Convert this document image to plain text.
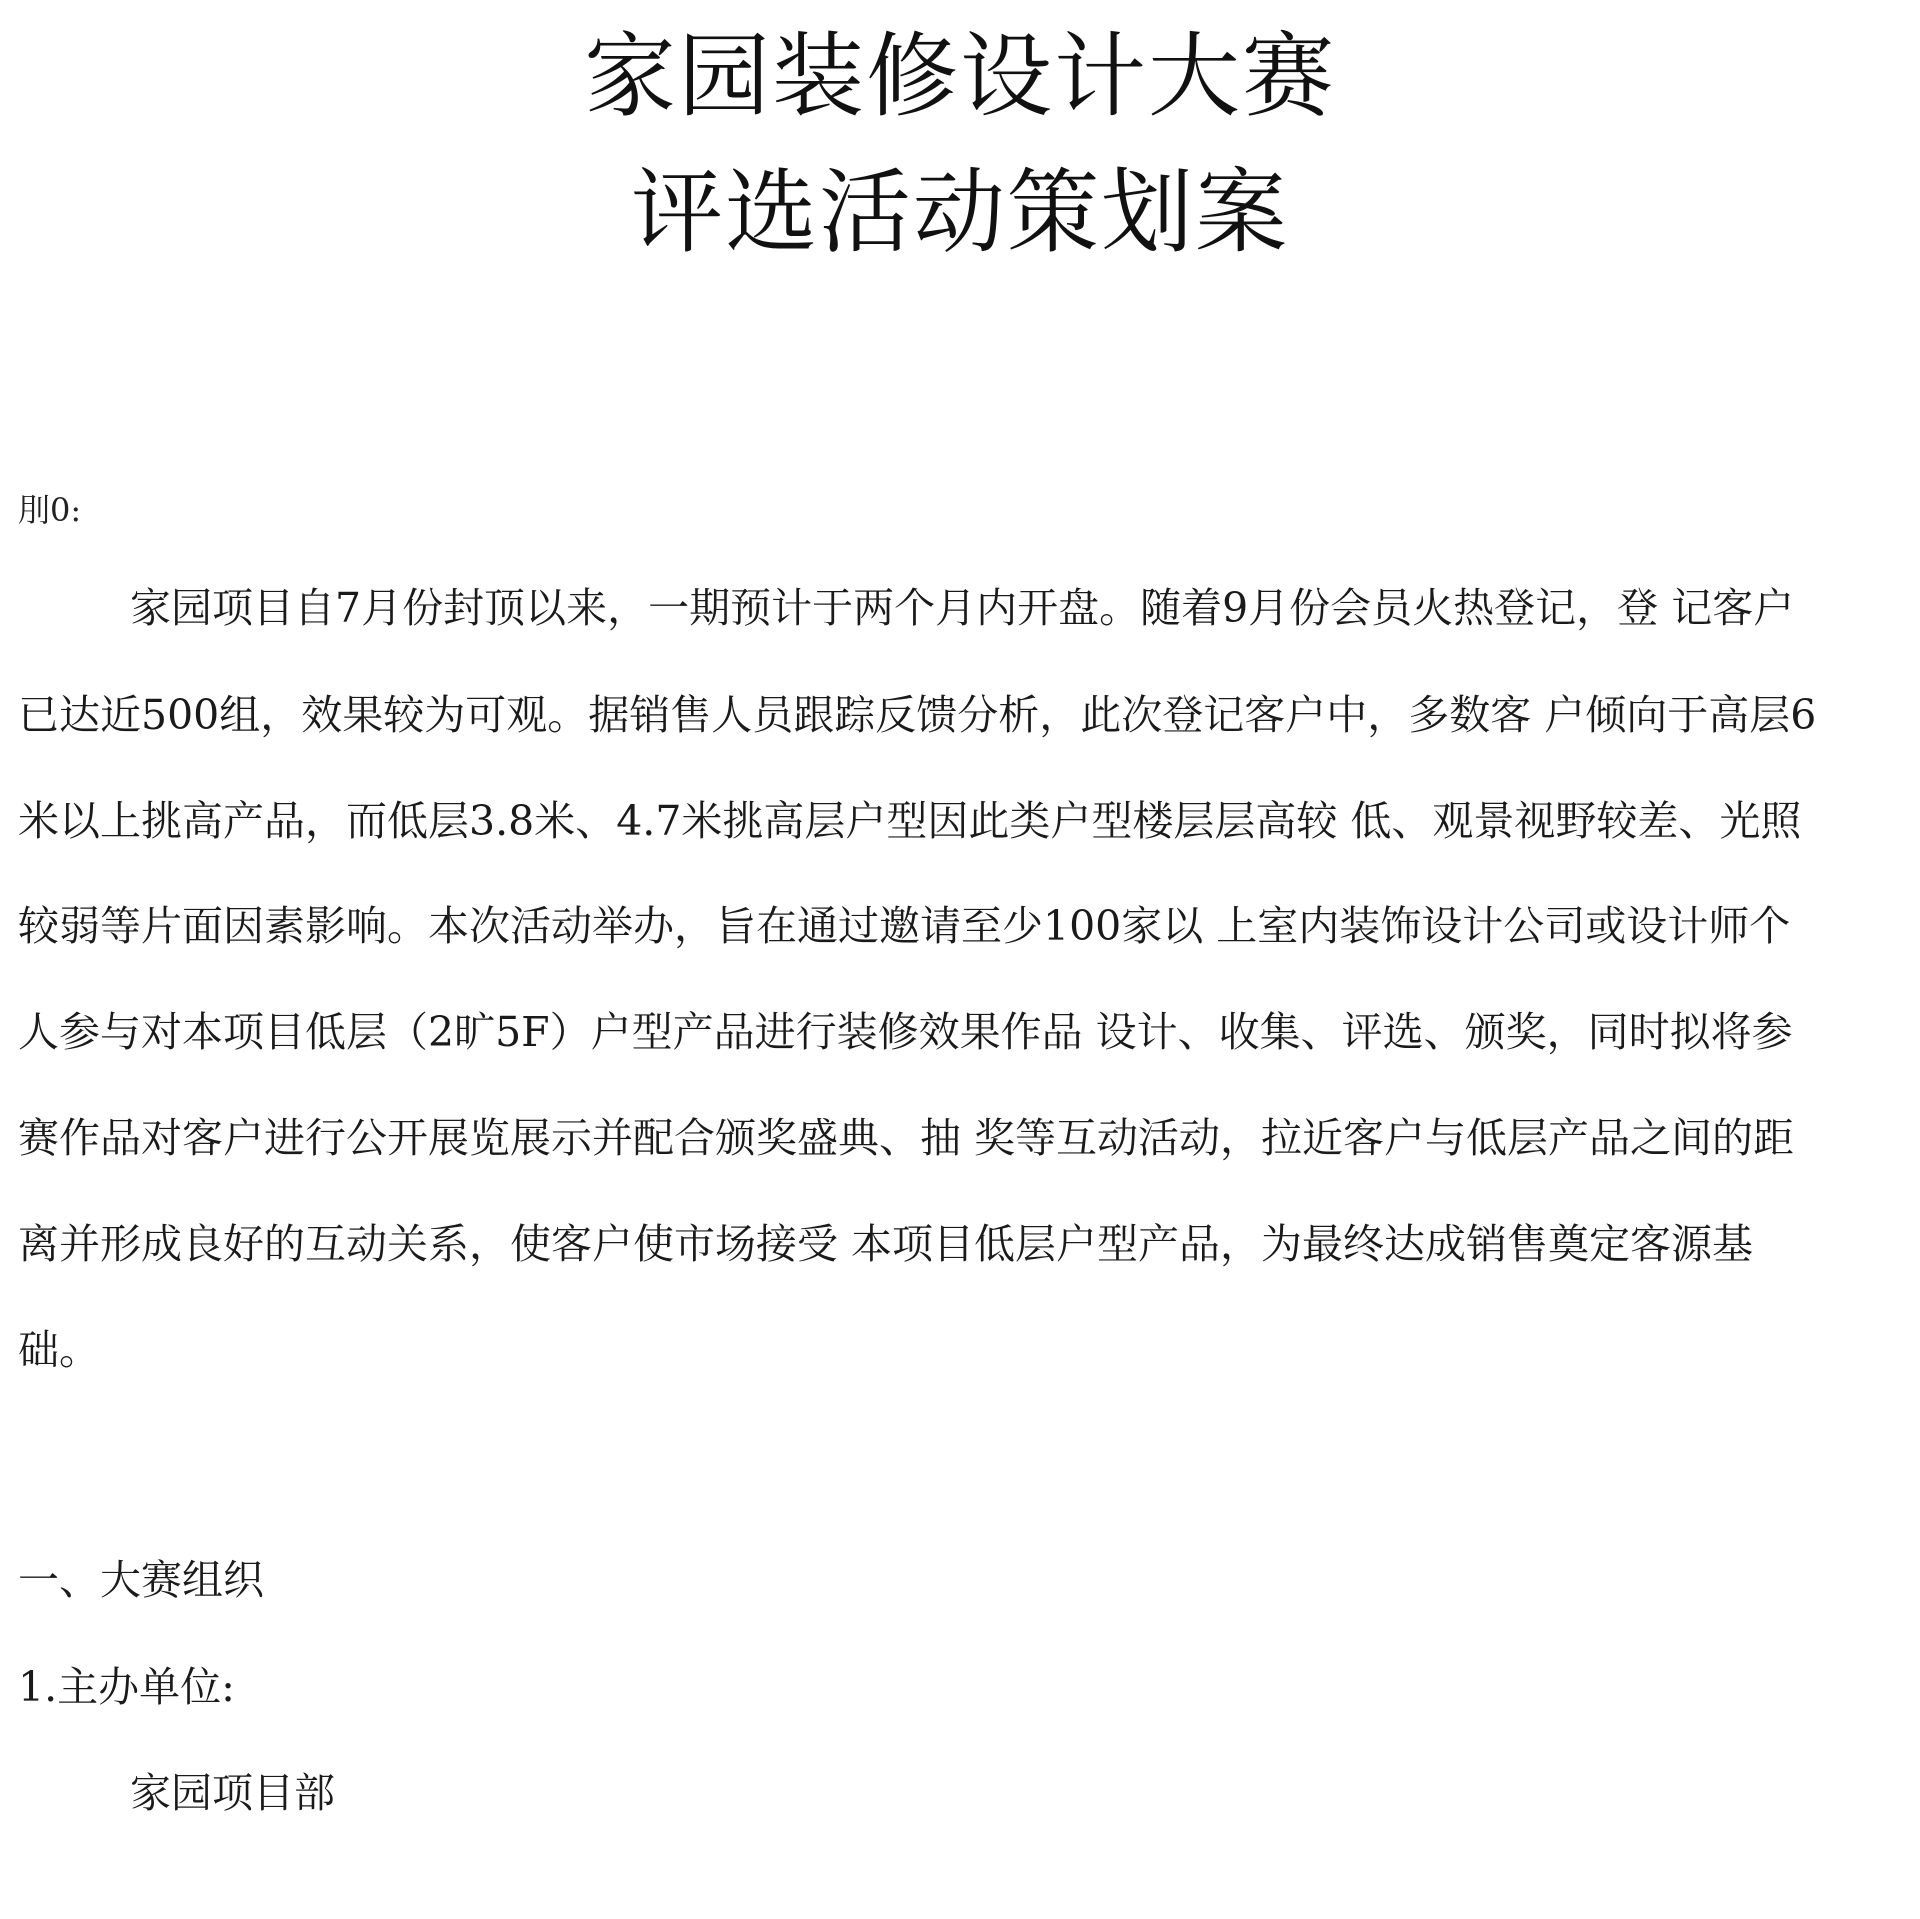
家园装修设计大赛
评选活动策划案
刖0:
家园项目自7月份封顶以来，一期预计于两个月内开盘。随着9月份会员火热登记，登 记客户
已达近500组，效果较为可观。据销售人员跟踪反馈分析，此次登记客户中，多数客 户倾向于高层6
米以上挑高产品，而低层3.8米、4.7米挑高层户型因此类户型楼层层高较 低、观景视野较差、光照
较弱等片面因素影响。本次活动举办，旨在通过邀请至少100家以 上室内装饰设计公司或设计师个
人参与对本项目低层（2旷5F）户型产品进行装修效果作品 设计、收集、评选、颁奖，同时拟将参
赛作品对客户进行公开展览展示并配合颁奖盛典、抽 奖等互动活动，拉近客户与低层产品之间的距
离并形成良好的互动关系，使客户使市场接受 本项目低层户型产品，为最终达成销售奠定客源基
础。
一、大赛组织
1.主办单位:
家园项目部
